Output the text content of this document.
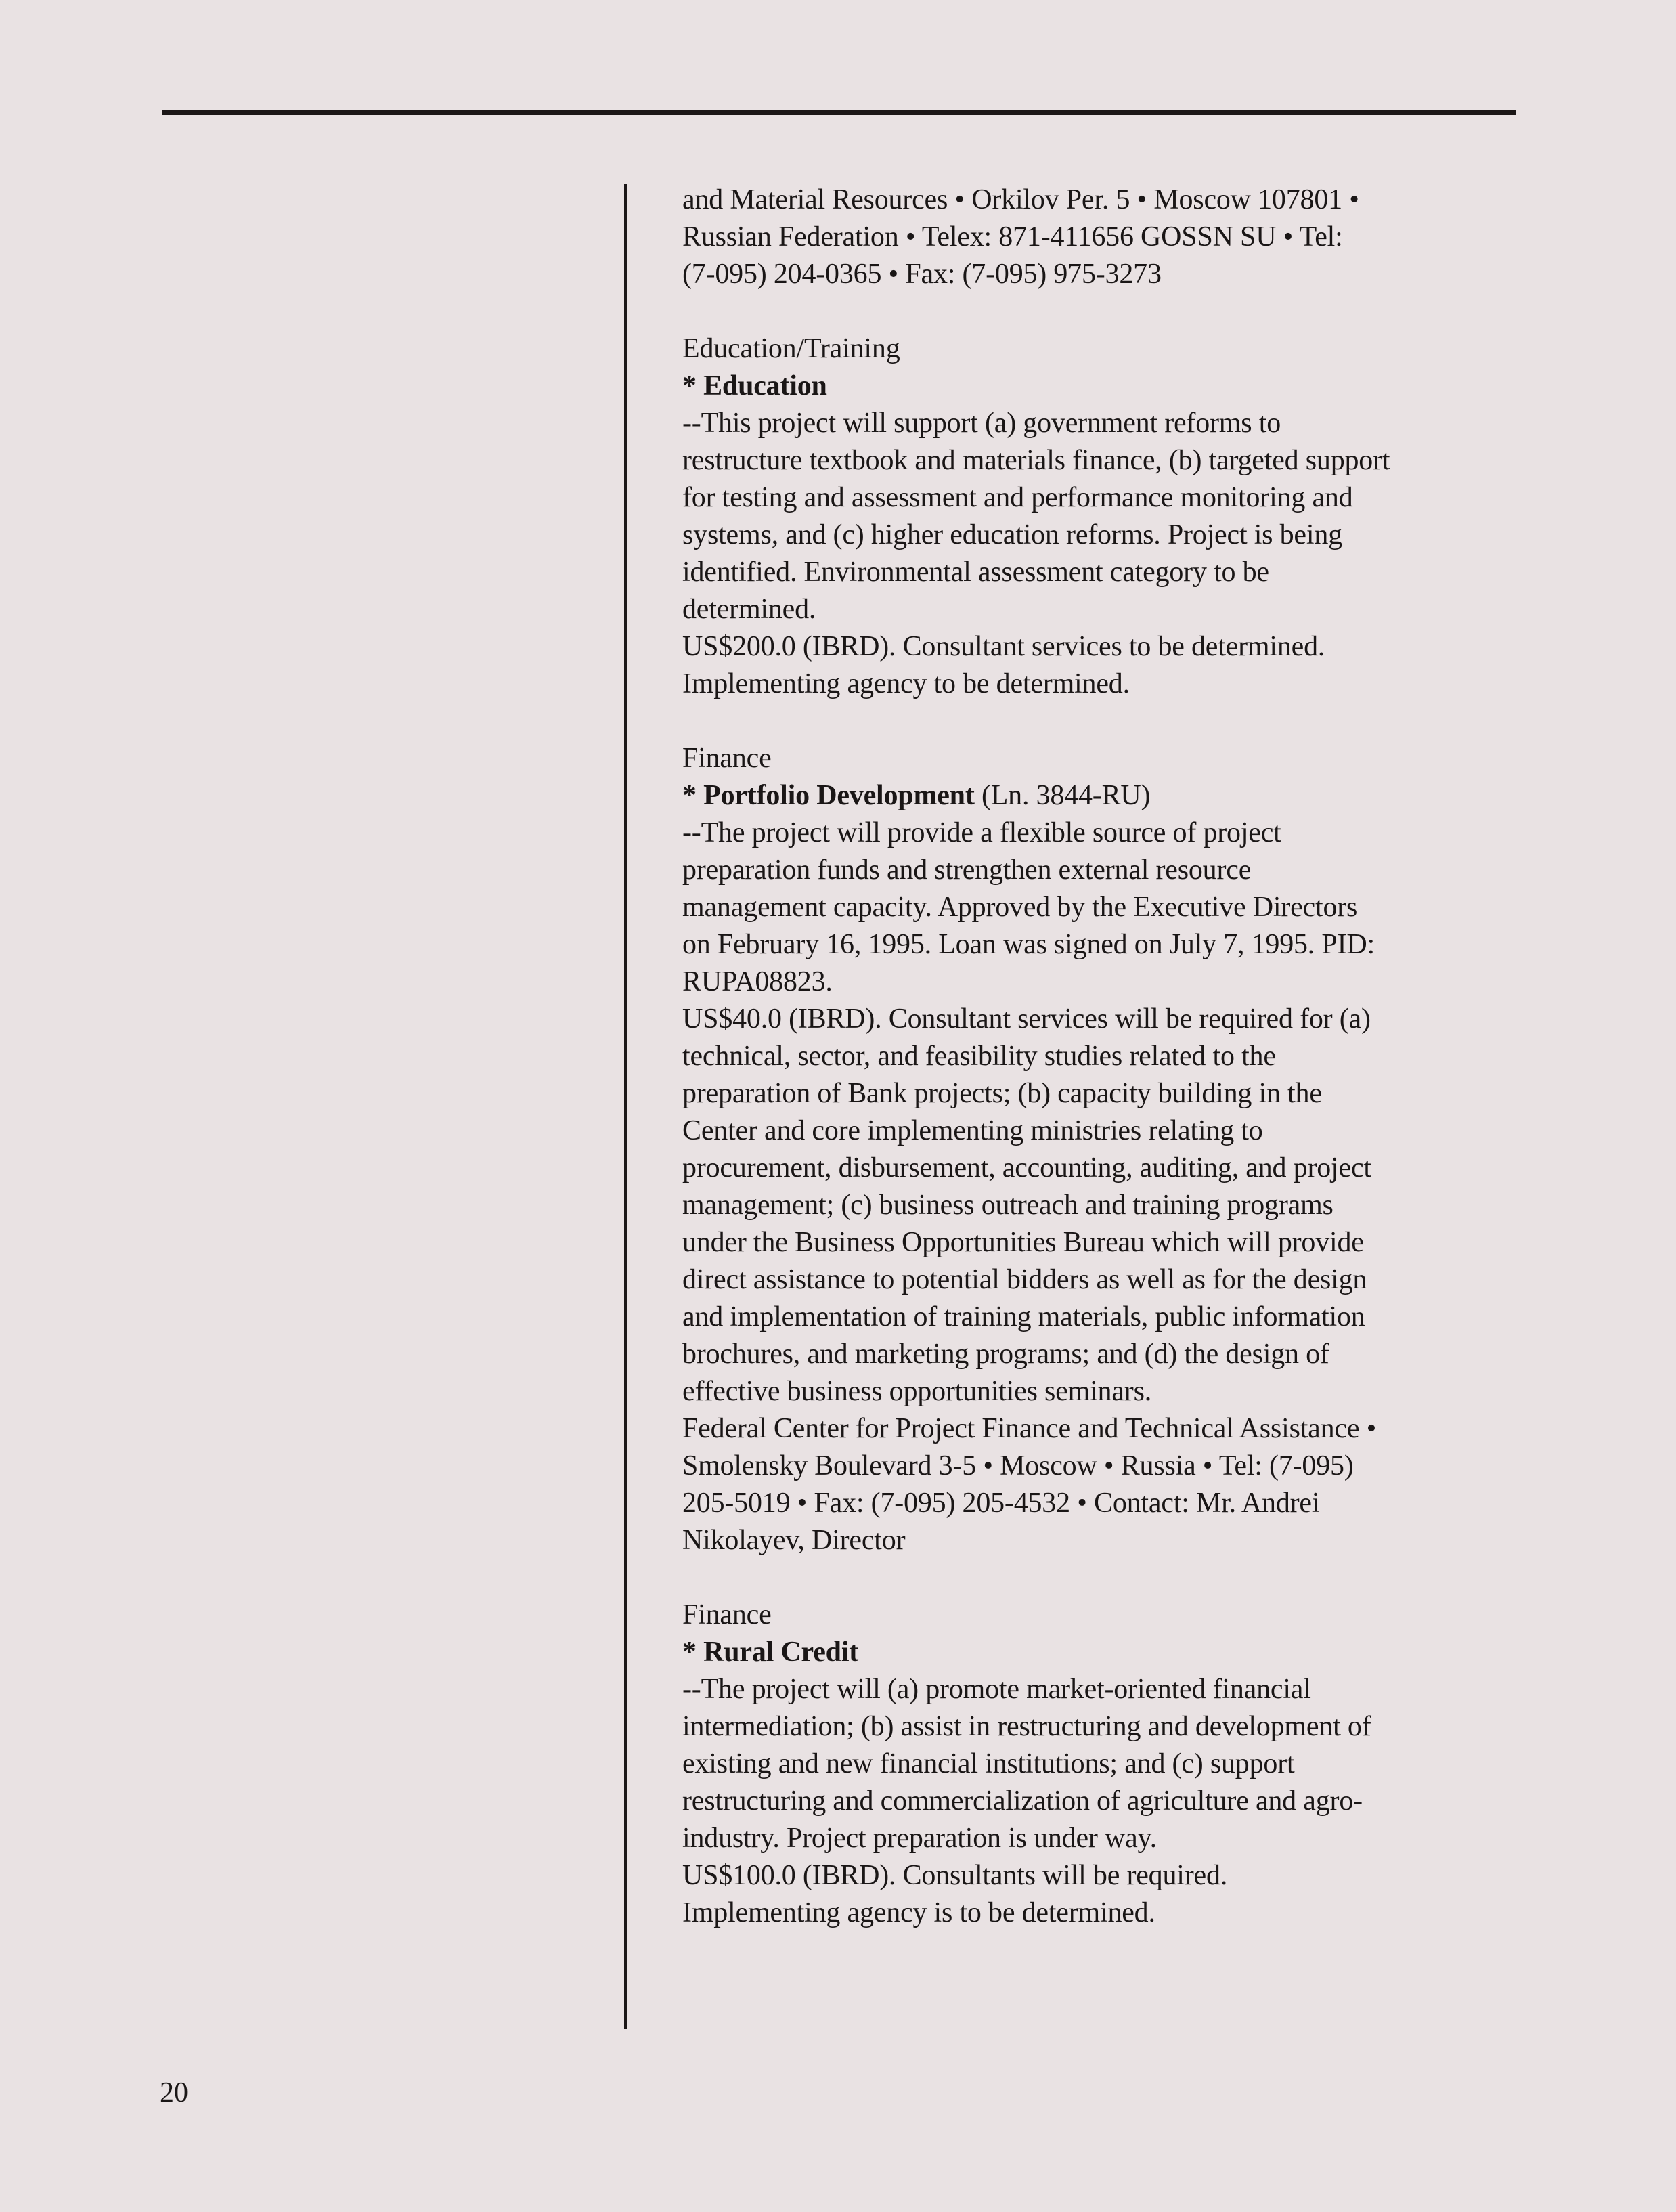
and Material Resources • Orkilov Per. 5 • Moscow 107801 •
Russian Federation • Telex: 871-411656 GOSSN SU • Tel:
(7-095) 204-0365 • Fax: (7-095) 975-3273
Education/Training
* Education
--This project will support (a) government reforms to
restructure textbook and materials finance, (b) targeted support
for testing and assessment and performance monitoring and
systems, and (c) higher education reforms. Project is being
identified. Environmental assessment category to be
determined.
US$200.0 (IBRD). Consultant services to be determined.
Implementing agency to be determined.
Finance
* Portfolio Development (Ln. 3844-RU)
--The project will provide a flexible source of project
preparation funds and strengthen external resource
management capacity. Approved by the Executive Directors
on February 16, 1995. Loan was signed on July 7, 1995. PID:
RUPA08823.
US$40.0 (IBRD). Consultant services will be required for (a)
technical, sector, and feasibility studies related to the
preparation of Bank projects; (b) capacity building in the
Center and core implementing ministries relating to
procurement, disbursement, accounting, auditing, and project
management; (c) business outreach and training programs
under the Business Opportunities Bureau which will provide
direct assistance to potential bidders as well as for the design
and implementation of training materials, public information
brochures, and marketing programs; and (d) the design of
effective business opportunities seminars.
Federal Center for Project Finance and Technical Assistance •
Smolensky Boulevard 3-5 • Moscow • Russia • Tel: (7-095)
205-5019 • Fax: (7-095) 205-4532 • Contact: Mr. Andrei
Nikolayev, Director
Finance
* Rural Credit
--The project will (a) promote market-oriented financial
intermediation; (b) assist in restructuring and development of
existing and new financial institutions; and (c) support
restructuring and commercialization of agriculture and agro-
industry. Project preparation is under way.
US$100.0 (IBRD). Consultants will be required.
Implementing agency is to be determined.
20
